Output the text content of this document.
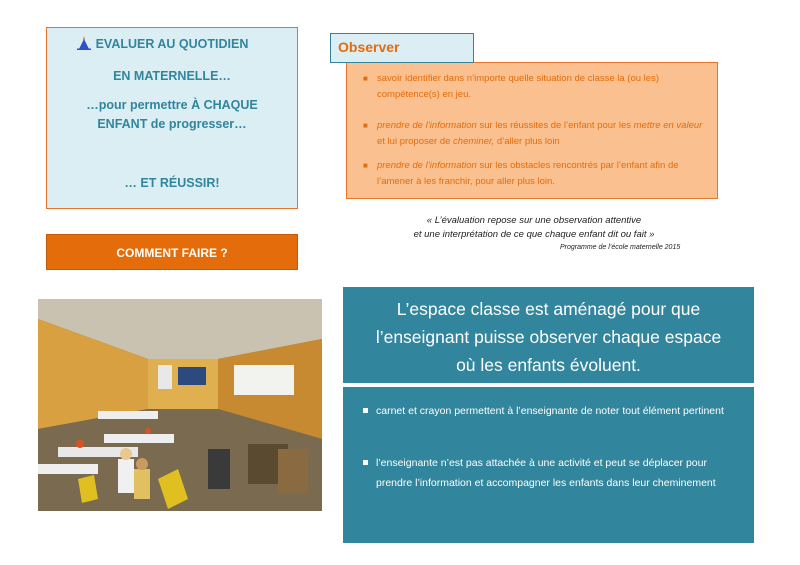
EVALUER AU QUOTIDIEN
EN MATERNELLE…
…pour permettre À CHAQUE
ENFANT de progresser…
… ET RÉUSSIR!
COMMENT FAIRE ?
Observer
■ savoir identifier dans n’importe quelle situation de classe la (ou les) compétence(s) en jeu.
■ prendre de l’information sur les réussites de l’enfant pour les mettre en valeur et lui proposer de cheminer, d’aller plus loin
■ prendre de l’information sur les obstacles rencontrés par l’enfant afin de l’amener à les franchir, pour aller plus loin.
« L’évaluation repose sur une observation attentive
et une interprétation de ce que chaque enfant dit ou fait »
Programme de l’école maternelle 2015
L’espace classe est aménagé pour que
l’enseignant puisse observer chaque espace
où les enfants évoluent.
carnet et crayon permettent à l’enseignante de noter tout élément pertinent
l’enseignante n’est pas attachée à une activité et peut se déplacer pour prendre l’information et accompagner les enfants dans leur cheminement
